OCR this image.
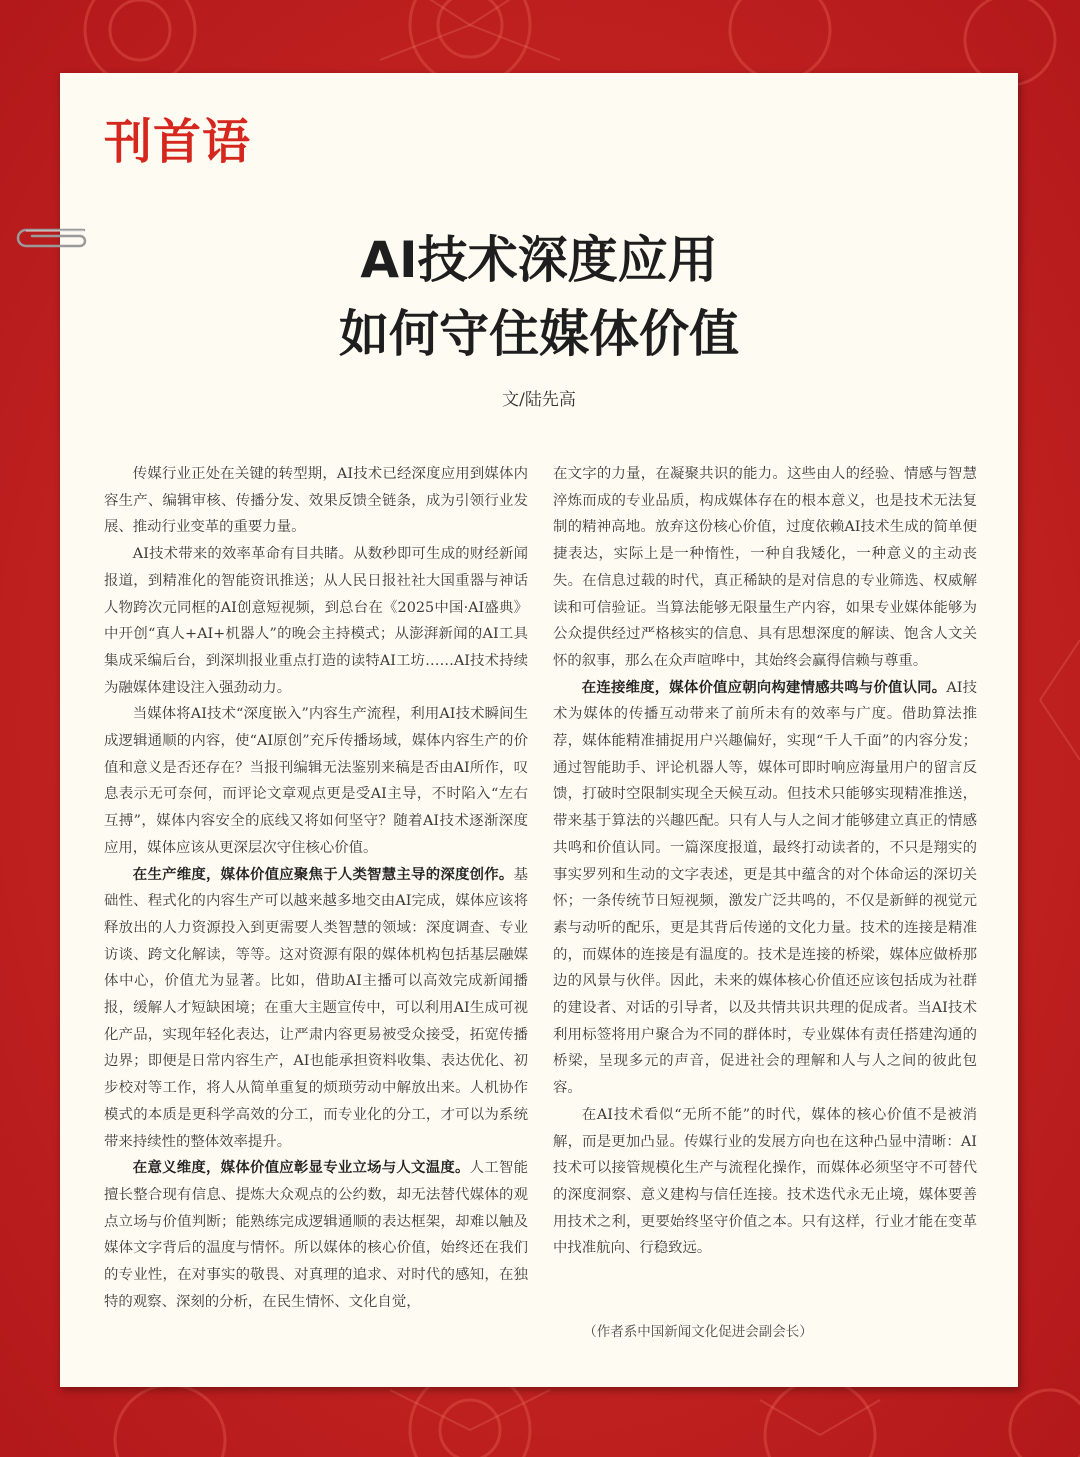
刊首语
AI技术深度应用
如何守住媒体价值
文/陆先高

传媒行业正处在关键的转型期，AI技术已经深度应用到媒体内容生产、编辑审核、传播分发、效果反馈全链条，成为引领行业发展、推动行业变革的重要力量。

AI技术带来的效率革命有目共睹。从数秒即可生成的财经新闻报道，到精准化的智能资讯推送；从人民日报社社大国重器与神话人物跨次元同框的AI创意短视频，到总台在《2025中国·AI盛典》中开创“真人+AI+机器人”的晚会主持模式；从澎湃新闻的AI工具集成采编后台，到深圳报业重点打造的读特AI工坊……AI技术持续为融媒体建设注入强劲动力。

当媒体将AI技术“深度嵌入”内容生产流程，利用AI技术瞬间生成逻辑通顺的内容，使“AI原创”充斥传播场域，媒体内容生产的价值和意义是否还存在？当报刊编辑无法鉴别来稿是否由AI所作，叹息表示无可奈何，而评论文章观点更是受AI主导，不时陷入“左右互搏”，媒体内容安全的底线又将如何坚守？随着AI技术逐渐深度应用，媒体应该从更深层次守住核心价值。

在生产维度，媒体价值应聚焦于人类智慧主导的深度创作。基础性、程式化的内容生产可以越来越多地交由AI完成，媒体应该将释放出的人力资源投入到更需要人类智慧的领域：深度调查、专业访谈、跨文化解读，等等。这对资源有限的媒体机构包括基层融媒体中心，价值尤为显著。比如，借助AI主播可以高效完成新闻播报，缓解人才短缺困境；在重大主题宣传中，可以利用AI生成可视化产品，实现年轻化表达，让严肃内容更易被受众接受，拓宽传播边界；即便是日常内容生产，AI也能承担资料收集、表达优化、初步校对等工作，将人从简单重复的烦琐劳动中解放出来。人机协作模式的本质是更科学高效的分工，而专业化的分工，才可以为系统带来持续性的整体效率提升。

在意义维度，媒体价值应彰显专业立场与人文温度。人工智能擅长整合现有信息、提炼大众观点的公约数，却无法替代媒体的观点立场与价值判断；能熟练完成逻辑通顺的表达框架，却难以触及媒体文字背后的温度与情怀。所以媒体的核心价值，始终还在我们的专业性，在对事实的敬畏、对真理的追求、对时代的感知，在独特的观察、深刻的分析，在民生情怀、文化自觉，

在文字的力量，在凝聚共识的能力。这些由人的经验、情感与智慧淬炼而成的专业品质，构成媒体存在的根本意义，也是技术无法复制的精神高地。放弃这份核心价值，过度依赖AI技术生成的简单便捷表达，实际上是一种惰性，一种自我矮化，一种意义的主动丧失。在信息过载的时代，真正稀缺的是对信息的专业筛选、权威解读和可信验证。当算法能够无限量生产内容，如果专业媒体能够为公众提供经过严格核实的信息、具有思想深度的解读、饱含人文关怀的叙事，那么在众声喧哗中，其始终会赢得信赖与尊重。

在连接维度，媒体价值应朝向构建情感共鸣与价值认同。AI技术为媒体的传播互动带来了前所未有的效率与广度。借助算法推荐，媒体能精准捕捉用户兴趣偏好，实现“千人千面”的内容分发；通过智能助手、评论机器人等，媒体可即时响应海量用户的留言反馈，打破时空限制实现全天候互动。但技术只能够实现精准推送，带来基于算法的兴趣匹配。只有人与人之间才能够建立真正的情感共鸣和价值认同。一篇深度报道，最终打动读者的，不只是翔实的事实罗列和生动的文字表述，更是其中蕴含的对个体命运的深切关怀；一条传统节日短视频，激发广泛共鸣的，不仅是新鲜的视觉元素与动听的配乐，更是其背后传递的文化力量。技术的连接是精准的，而媒体的连接是有温度的。技术是连接的桥梁，媒体应做桥那边的风景与伙伴。因此，未来的媒体核心价值还应该包括成为社群的建设者、对话的引导者，以及共情共识共理的促成者。当AI技术利用标签将用户聚合为不同的群体时，专业媒体有责任搭建沟通的桥梁，呈现多元的声音，促进社会的理解和人与人之间的彼此包容。

在AI技术看似“无所不能”的时代，媒体的核心价值不是被消解，而是更加凸显。传媒行业的发展方向也在这种凸显中清晰：AI技术可以接管规模化生产与流程化操作，而媒体必须坚守不可替代的深度洞察、意义建构与信任连接。技术迭代永无止境，媒体要善用技术之利，更要始终坚守价值之本。只有这样，行业才能在变革中找准航向、行稳致远。

（作者系中国新闻文化促进会副会长）
